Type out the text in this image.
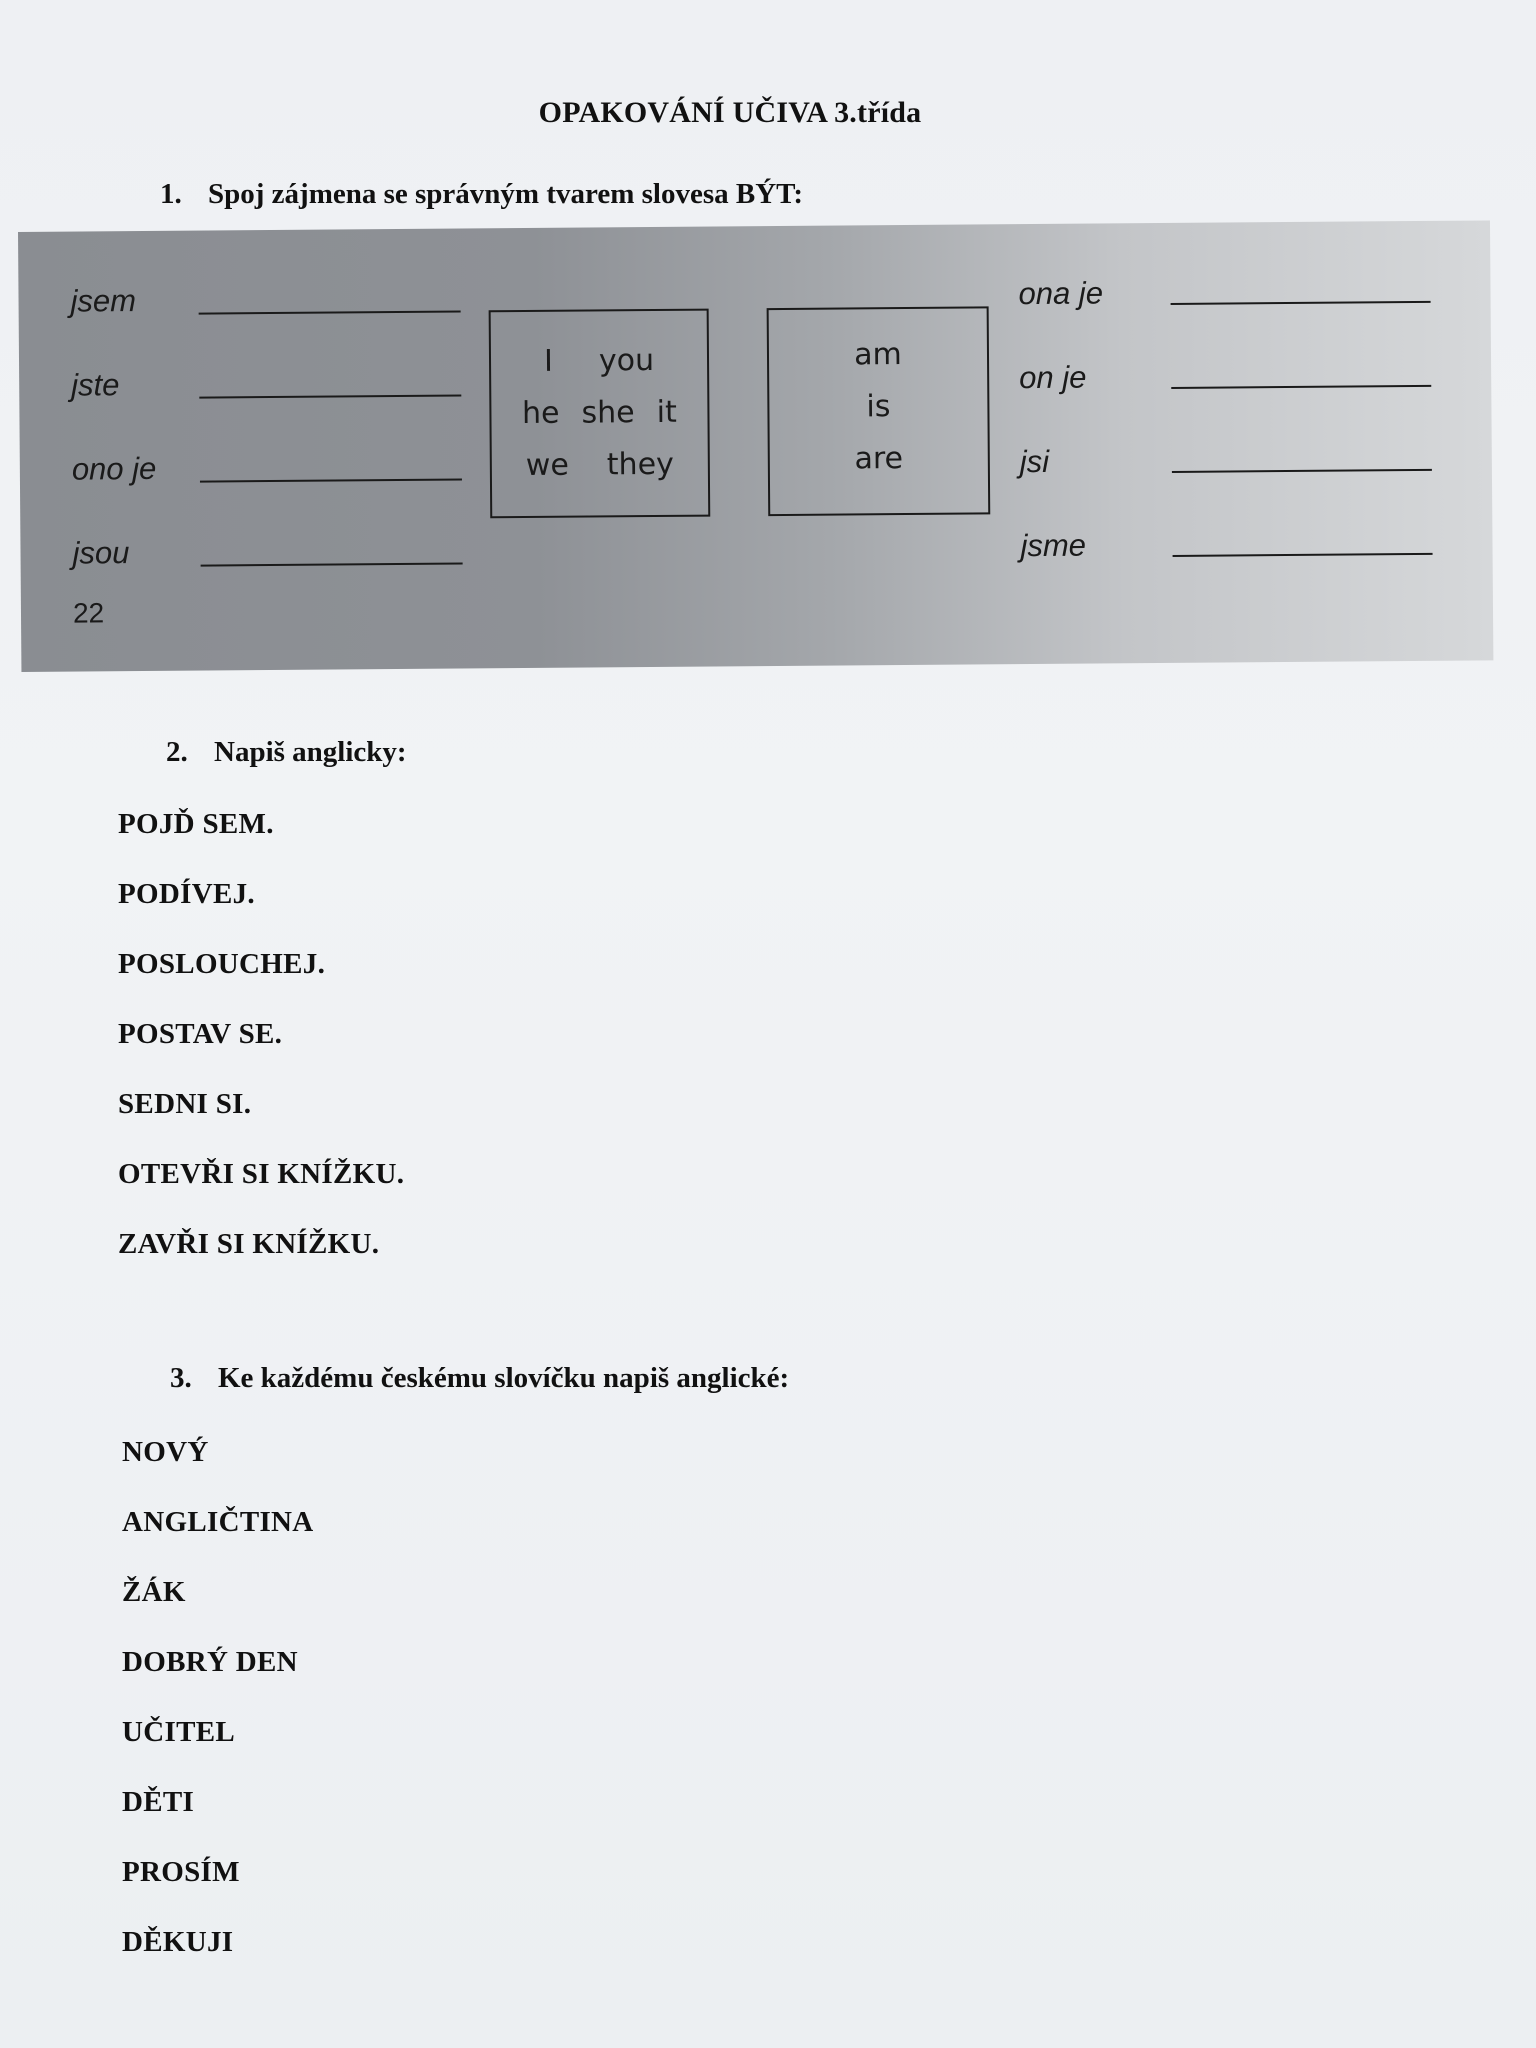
OPAKOVÁNÍ UČIVA 3.třída
1. Spoj zájmena se správným tvarem slovesa BÝT:
jsem
jste
ono je
jsou
22
I you
he she it
we they
am
is
are
ona je
on je
jsi
jsme
2. Napiš anglicky:
POJĎ SEM.
PODÍVEJ.
POSLOUCHEJ.
POSTAV SE.
SEDNI SI.
OTEVŘI SI KNÍŽKU.
ZAVŘI SI KNÍŽKU.
3. Ke každému českému slovíčku napiš anglické:
NOVÝ
ANGLIČTINA
ŽÁK
DOBRÝ DEN
UČITEL
DĚTI
PROSÍM
DĚKUJI
